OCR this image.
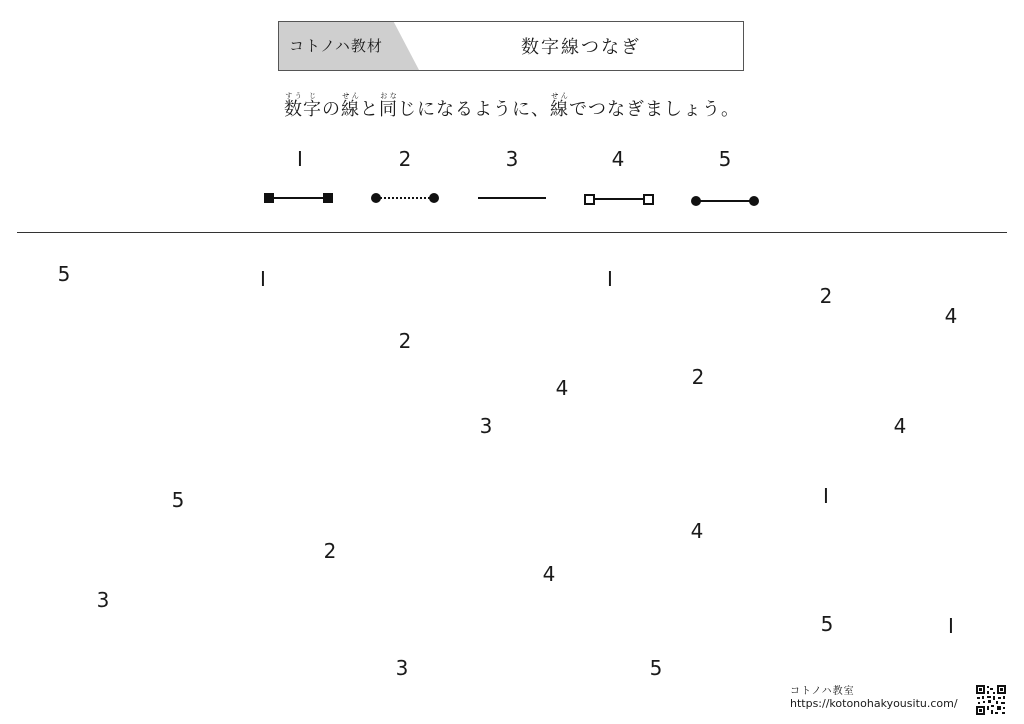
コトノハ教材	数字線つなぎ
数すう字じの線せんと同おなじになるように、線せんでつなぎましょう。
I	2	3	4	5
5	I	I
2
4
2
4	2
3	4
5	I
4
2
4
3
5	I
3	5
コトノハ教室
https://kotonohakyousitu.com/
